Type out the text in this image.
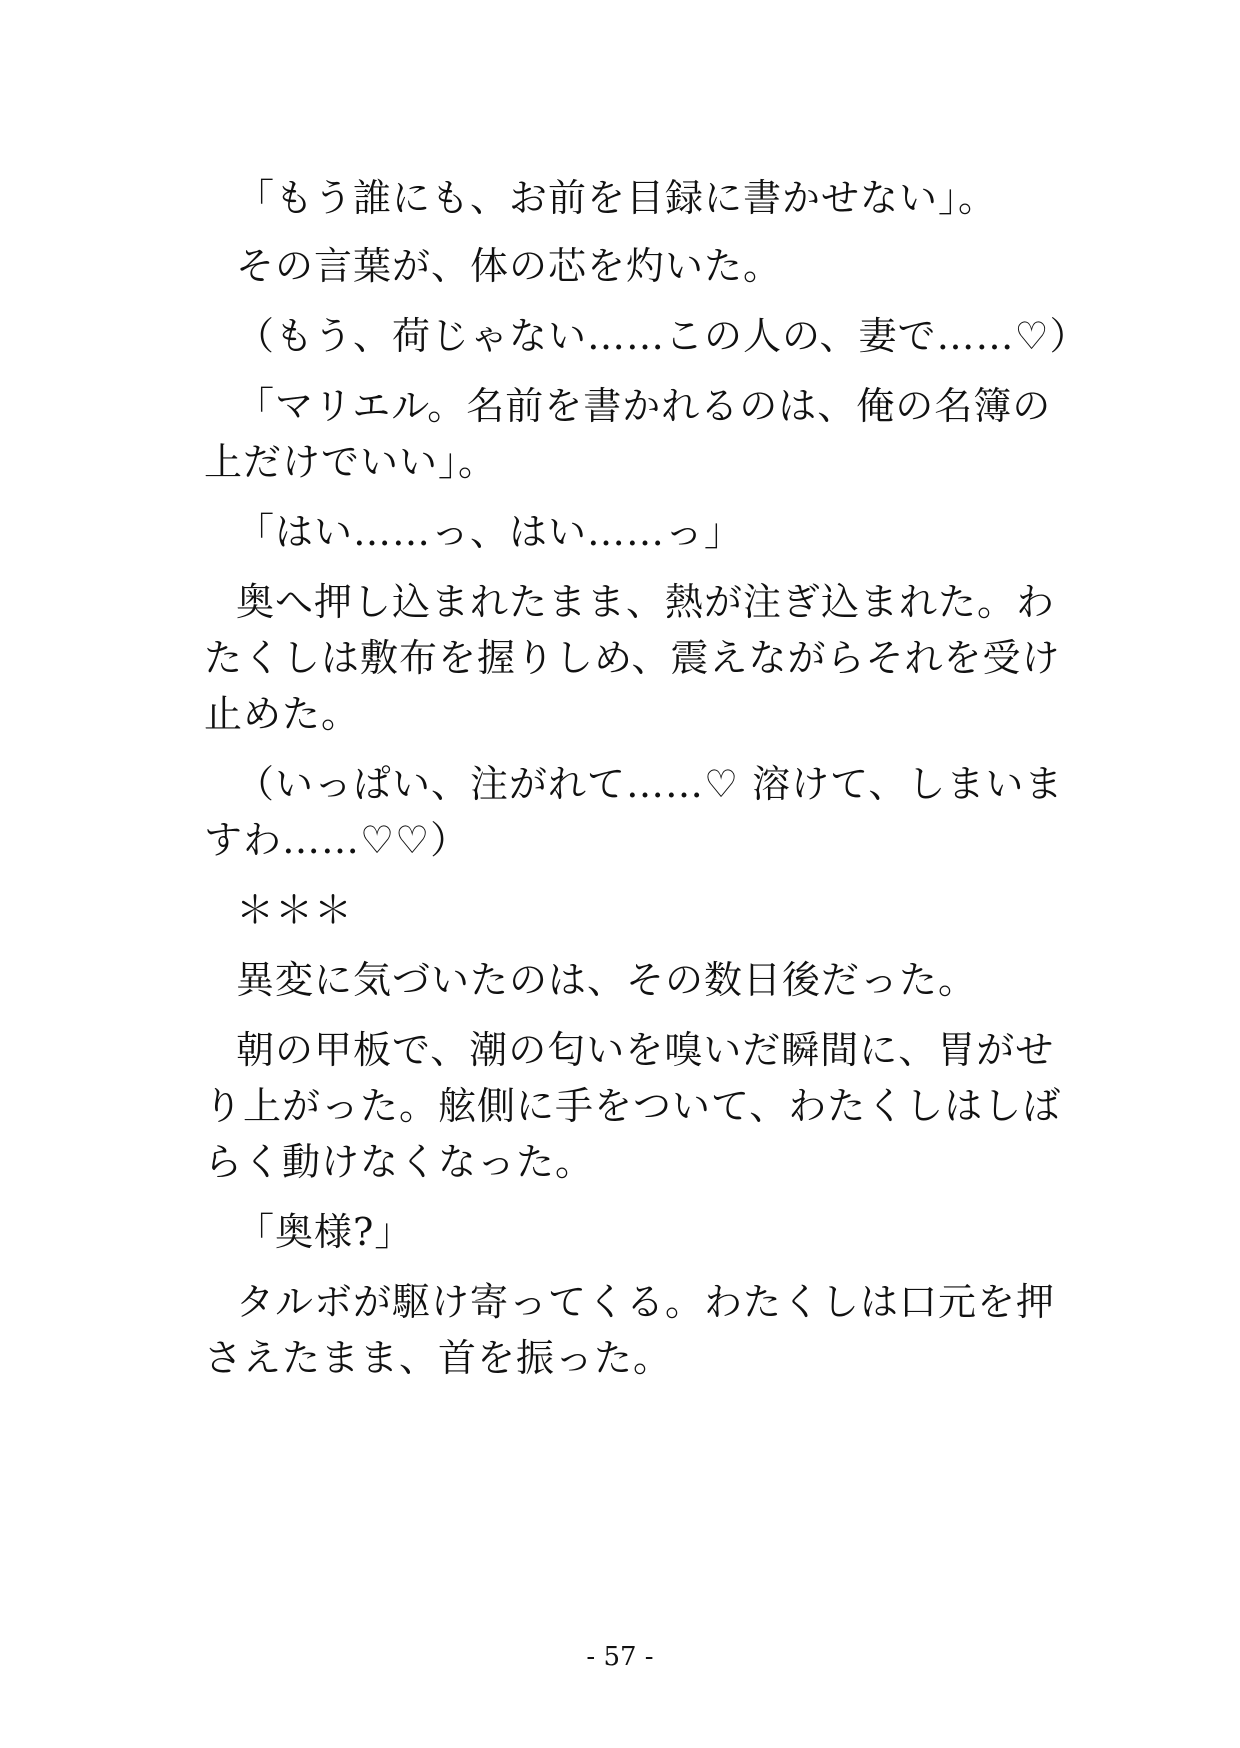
「もう誰にも、お前を目録に書かせない」。
その言葉が、体の芯を灼いた。
（もう、荷じゃない……この人の、妻で……♡）
「マリエル。名前を書かれるのは、俺の名簿の
上だけでいい」。
「はい……っ、はい……っ」
奥へ押し込まれたまま、熱が注ぎ込まれた。わ
たくしは敷布を握りしめ、震えながらそれを受け
止めた。
（いっぱい、注がれて……♡ 溶けて、しまいま
すわ……♡♡）
＊＊＊
異変に気づいたのは、その数日後だった。
朝の甲板で、潮の匂いを嗅いだ瞬間に、胃がせ
り上がった。舷側に手をついて、わたくしはしば
らく動けなくなった。
「奥様?」
タルボが駆け寄ってくる。わたくしは口元を押
さえたまま、首を振った。
- 57 -
